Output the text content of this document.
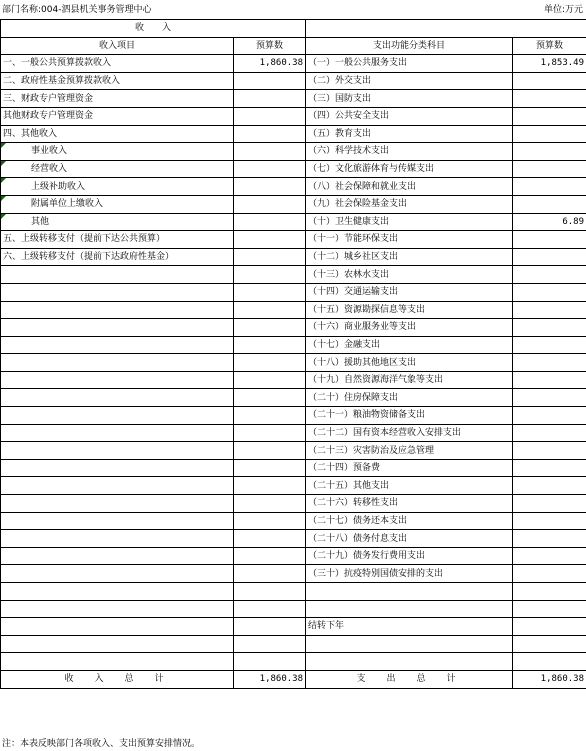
部门名称:004-泗县机关事务管理中心	单位:万元
收　　入			
收入项目	预算数	支出功能分类科目	预算数
一、一般公共预算拨款收入	1,860.38	（一）一般公共服务支出	1,853.49
二、政府性基金预算拨款收入		（二）外交支出	
三、财政专户管理资金		（三）国防支出	
其他财政专户管理资金		（四）公共安全支出	
四、其他收入		（五）教育支出	
事业收入		（六）科学技术支出	
经营收入		（七）文化旅游体育与传媒支出	
上级补助收入		（八）社会保障和就业支出	
附属单位上缴收入		（九）社会保险基金支出	
其他		（十）卫生健康支出	6.89
五、上级转移支付（提前下达公共预算）		（十一）节能环保支出	
六、上级转移支付（提前下达政府性基金）		（十二）城乡社区支出	
		（十三）农林水支出	
		（十四）交通运输支出	
		（十五）资源勘探信息等支出	
		（十六）商业服务业等支出	
		（十七）金融支出	
		（十八）援助其他地区支出	
		（十九）自然资源海洋气象等支出	
		（二十）住房保障支出	
		（二十一）粮油物资储备支出	
		（二十二）国有资本经营收入安排支出	
		（二十三）灾害防治及应急管理	
		（二十四）预备费	
		（二十五）其他支出	
		（二十六）转移性支出	
		（二十七）债务还本支出	
		（二十八）债务付息支出	
		（二十九）债务发行费用支出	
		（三十）抗疫特别国债安排的支出	

		结转下年	

收　入　总　计	1,860.38	支　出　总　计	1,860.38
注：本表反映部门各项收入、支出预算安排情况。
